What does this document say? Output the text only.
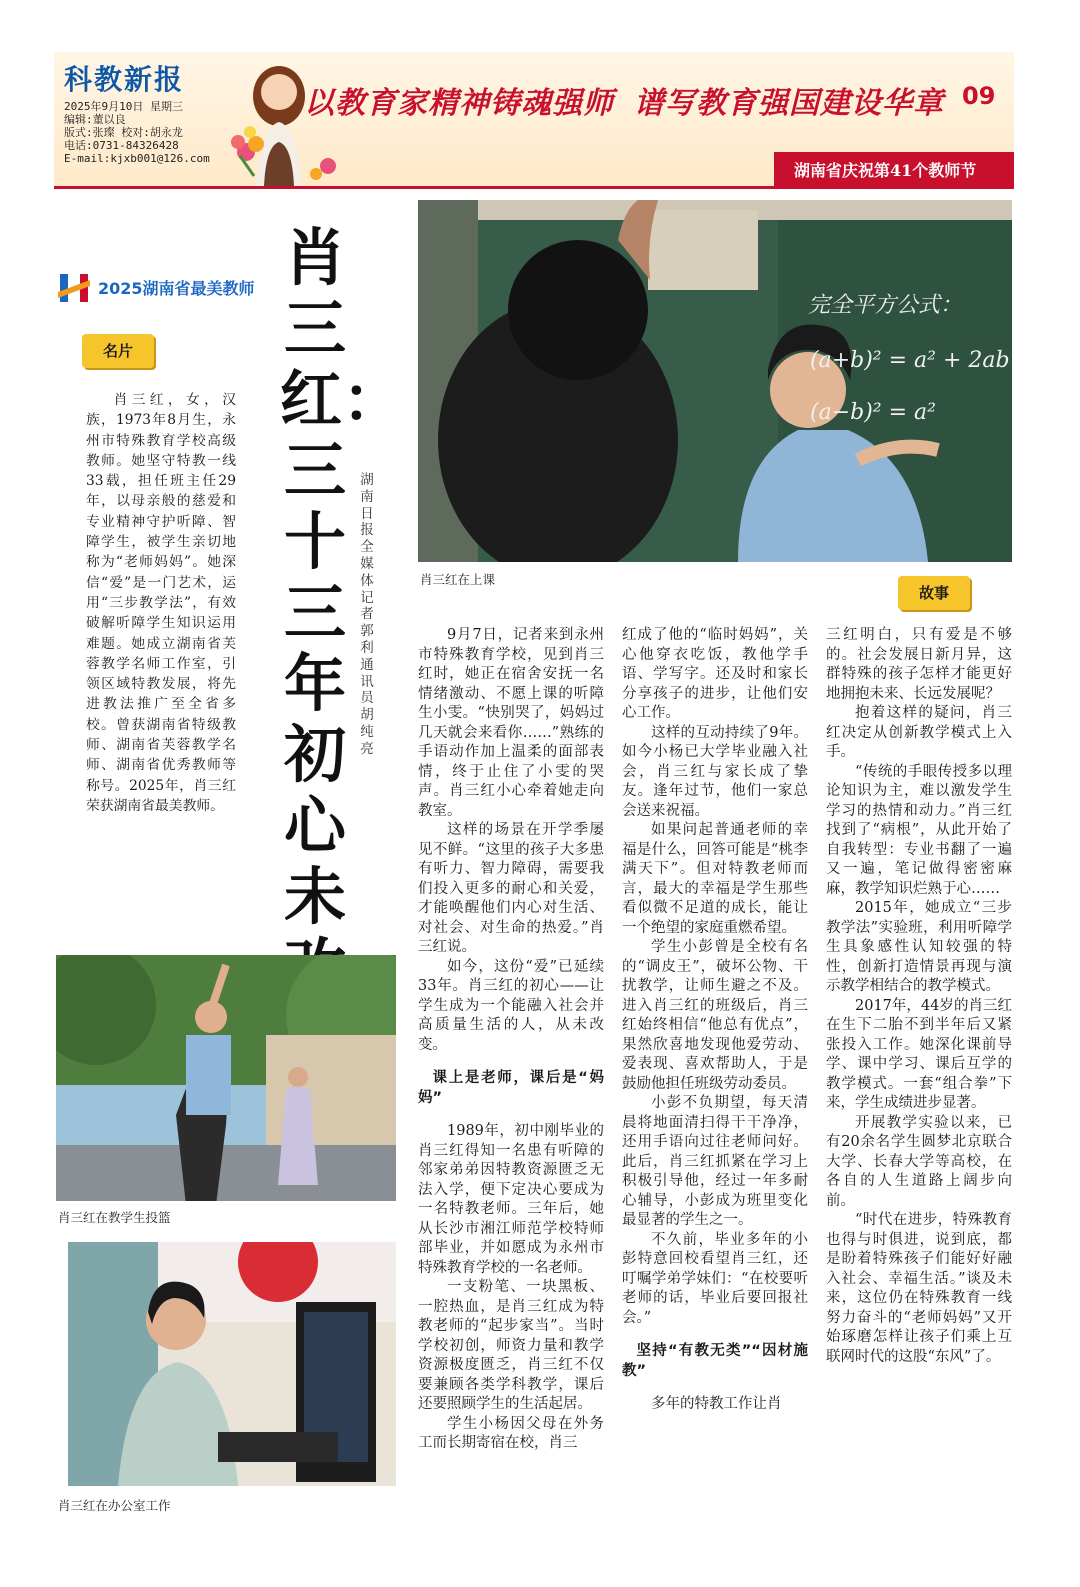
科教新报
2025年9月10日 星期三
编辑:董以良
版式:张璨 校对:胡永龙
电话:0731-84326428
E-mail:kjxb001@126.com
以教育家精神铸魂强师 谱写教育强国建设华章 09
湖南省庆祝第41个教师节
2025湖南省最美教师
名片

肖三红，女，汉族，1973年8月生，永州市特殊教育学校高级教师。她坚守特教一线33载，担任班主任29年，以母亲般的慈爱和专业精神守护听障、智障学生，被学生亲切地称为“老师妈妈”。她深信“爱”是一门艺术，运用“三步教学法”，有效破解听障学生知识运用难题。她成立湖南省芙蓉教学名师工作室，引领区域特教发展，将先进教法推广至全省多校。曾获湖南省特级教师、湖南省芙蓉教学名师、湖南省优秀教师等称号。2025年，肖三红荣获湖南省最美教师。

肖三红：三十三年初心未
湖南日报全媒体记者 郭利 通讯员 胡纯亮
完全平方公式：
(a+b)² = a² + 2ab
(a−b)² = a²
肖三红在上课
故事

9月7日，记者来到永州市特殊教育学校，见到肖三红时，她正在宿舍安抚一名情绪激动、不愿上课的听障生小雯。“快别哭了，妈妈过几天就会来看你……”熟练的手语动作加上温柔的面部表情，终于止住了小雯的哭声。肖三红小心牵着她走向教室。

这样的场景在开学季屡见不鲜。“这里的孩子大多患有听力、智力障碍，需要我们投入更多的耐心和关爱，才能唤醒他们内心对生活、对社会、对生命的热爱。”肖三红说。

如今，这份“爱”已延续33年。肖三红的初心——让学生成为一个能融入社会并高质量生活的人，从未改变。

课上是老师，课后是“妈妈”

1989年，初中刚毕业的肖三红得知一名患有听障的邻家弟弟因特教资源匮乏无法入学，便下定决心要成为一名特教老师。三年后，她从长沙市湘江师范学校特师部毕业，并如愿成为永州市特殊教育学校的一名老师。

一支粉笔、一块黑板、一腔热血，是肖三红成为特教老师的“起步家当”。当时学校初创，师资力量和教学资源极度匮乏，肖三红不仅要兼顾各类学科教学，课后还要照顾学生的生活起居。

学生小杨因父母在外务工而长期寄宿在校，肖三

红成了他的“临时妈妈”，关心他穿衣吃饭，教他学手语、学写字。还及时和家长分享孩子的进步，让他们安心工作。

这样的互动持续了9年。如今小杨已大学毕业融入社会，肖三红与家长成了挚友。逢年过节，他们一家总会送来祝福。

如果问起普通老师的幸福是什么，回答可能是“桃李满天下”。但对特教老师而言，最大的幸福是学生那些看似微不足道的成长，能让一个绝望的家庭重燃希望。

学生小彭曾是全校有名的“调皮王”，破坏公物、干扰教学，让师生避之不及。进入肖三红的班级后，肖三红始终相信“他总有优点”，果然欣喜地发现他爱劳动、爱表现、喜欢帮助人，于是鼓励他担任班级劳动委员。

小彭不负期望，每天清晨将地面清扫得干干净净，还用手语向过往老师问好。此后，肖三红抓紧在学习上积极引导他，经过一年多耐心辅导，小彭成为班里变化最显著的学生之一。

不久前，毕业多年的小彭特意回校看望肖三红，还叮嘱学弟学妹们：“在校要听老师的话，毕业后要回报社会。”

坚持“有教无类”“因材施教”

多年的特教工作让肖

三红明白，只有爱是不够的。社会发展日新月异，这群特殊的孩子怎样才能更好地拥抱未来、长远发展呢？

抱着这样的疑问，肖三红决定从创新教学模式上入手。

“传统的手眼传授多以理论知识为主，难以激发学生学习的热情和动力。”肖三红找到了“病根”，从此开始了自我转型：专业书翻了一遍又一遍，笔记做得密密麻麻，教学知识烂熟于心……

2015年，她成立“三步教学法”实验班，利用听障学生具象感性认知较强的特性，创新打造情景再现与演示教学相结合的教学模式。

2017年，44岁的肖三红在生下二胎不到半年后又紧张投入工作。她深化课前导学、课中学习、课后互学的教学模式。一套“组合拳”下来，学生成绩进步显著。

开展教学实验以来，已有20余名学生圆梦北京联合大学、长春大学等高校，在各自的人生道路上阔步向前。

“时代在进步，特殊教育也得与时俱进，说到底，都是盼着特殊孩子们能好好融入社会、幸福生活。”谈及未来，这位仍在特殊教育一线努力奋斗的“老师妈妈”又开始琢磨怎样让孩子们乘上互联网时代的这股“东风”了。

肖三红在教学生投篮
肖三红在办公室工作
